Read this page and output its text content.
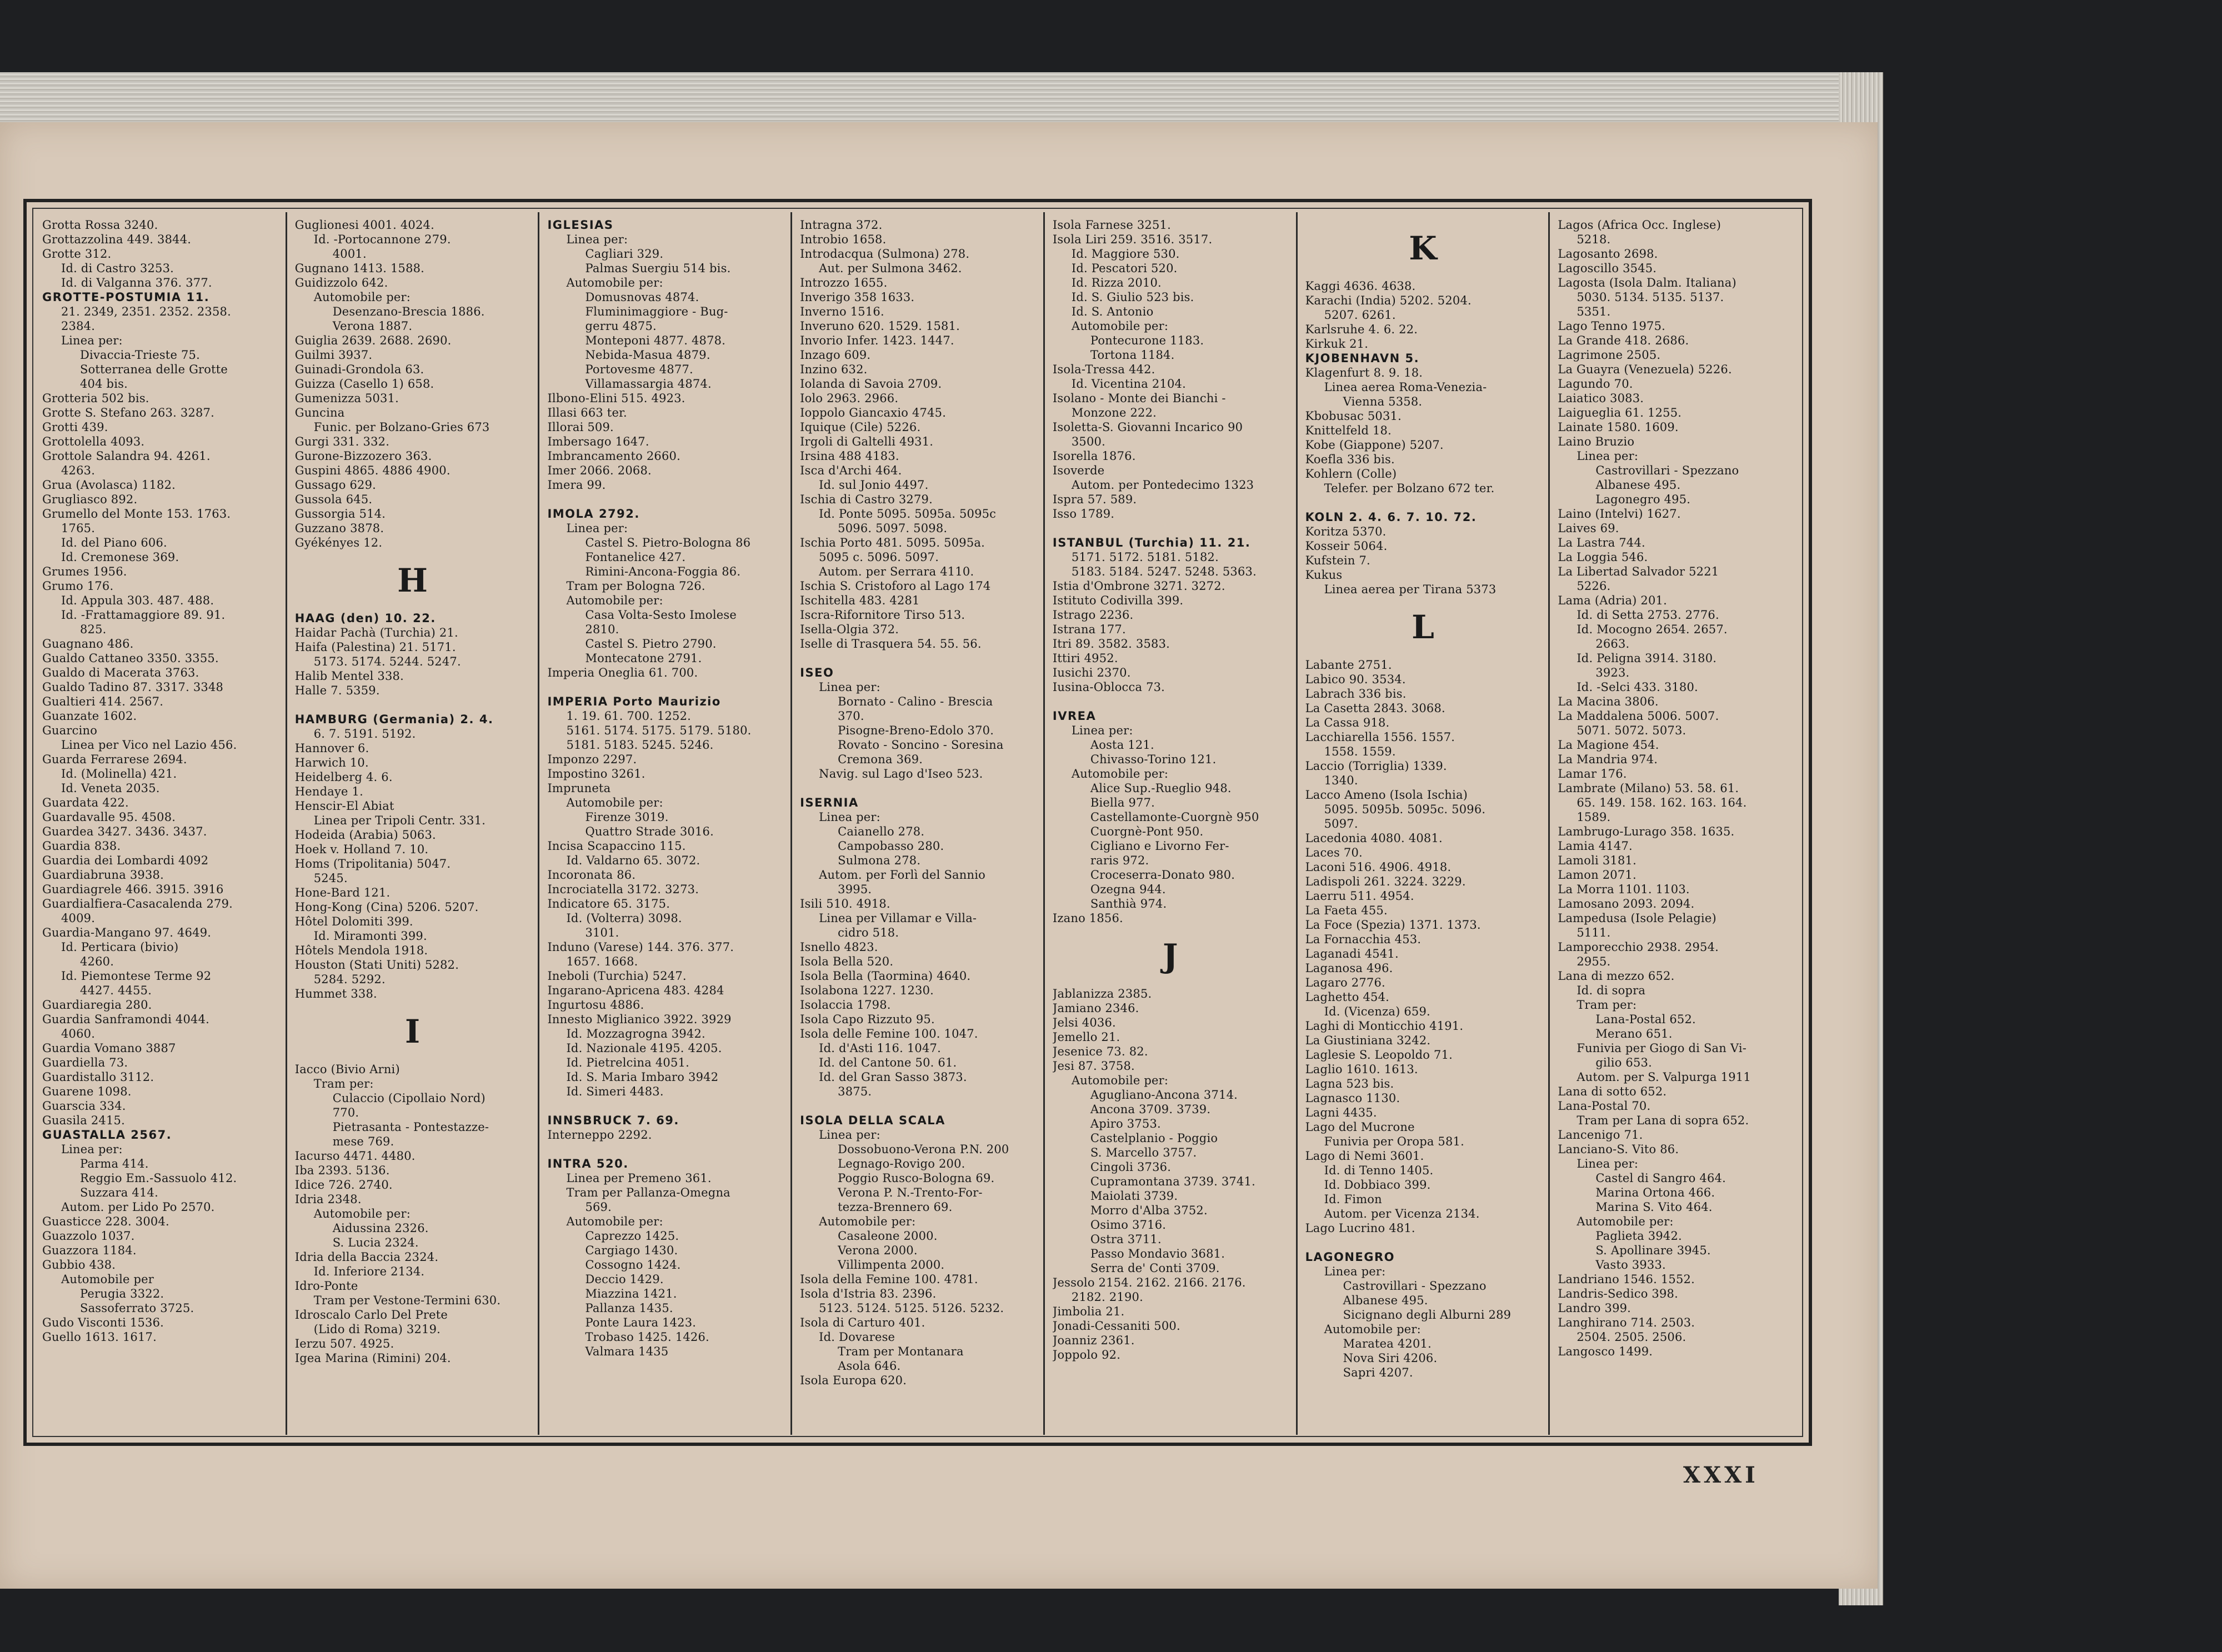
Grotta Rossa 3240.
Grottazzolina 449. 3844.
Grotte 312.
Id. di Castro 3253.
Id. di Valganna 376. 377.
GROTTE-POSTUMIA 11.
21. 2349, 2351. 2352. 2358.
2384.
Linea per:
Divaccia-Trieste 75.
Sotterranea delle Grotte
404 bis.
Grotteria 502 bis.
Grotte S. Stefano 263. 3287.
Grotti 439.
Grottolella 4093.
Grottole Salandra 94. 4261.
4263.
Grua (Avolasca) 1182.
Grugliasco 892.
Grumello del Monte 153. 1763.
1765.
Id. del Piano 606.
Id. Cremonese 369.
Grumes 1956.
Grumo 176.
Id. Appula 303. 487. 488.
Id. -Frattamaggiore 89. 91.
825.
Guagnano 486.
Gualdo Cattaneo 3350. 3355.
Gualdo di Macerata 3763.
Gualdo Tadino 87. 3317. 3348
Gualtieri 414. 2567.
Guanzate 1602.
Guarcino
Linea per Vico nel Lazio 456.
Guarda Ferrarese 2694.
Id. (Molinella) 421.
Id. Veneta 2035.
Guardata 422.
Guardavalle 95. 4508.
Guardea 3427. 3436. 3437.
Guardia 838.
Guardia dei Lombardi 4092
Guardiabruna 3938.
Guardiagrele 466. 3915. 3916
Guardialfiera-Casacalenda 279.
4009.
Guardia-Mangano 97. 4649.
Id. Perticara (bivio)
4260.
Id. Piemontese Terme 92
4427. 4455.
Guardiaregia 280.
Guardia Sanframondi 4044.
4060.
Guardia Vomano 3887
Guardiella 73.
Guardistallo 3112.
Guarene 1098.
Guarscia 334.
Guasila 2415.
GUASTALLA 2567.
Linea per:
Parma 414.
Reggio Em.-Sassuolo 412.
Suzzara 414.
Autom. per Lido Po 2570.
Guasticce 228. 3004.
Guazzolo 1037.
Guazzora 1184.
Gubbio 438.
Automobile per
Perugia 3322.
Sassoferrato 3725.
Gudo Visconti 1536.
Guello 1613. 1617.
Guglionesi 4001. 4024.
Id. -Portocannone 279.
4001.
Gugnano 1413. 1588.
Guidizzolo 642.
Automobile per:
Desenzano-Brescia 1886.
Verona 1887.
Guiglia 2639. 2688. 2690.
Guilmi 3937.
Guinadi-Grondola 63.
Guizza (Casello 1) 658.
Gumenizza 5031.
Guncina
Funic. per Bolzano-Gries 673
Gurgi 331. 332.
Gurone-Bizzozero 363.
Guspini 4865. 4886 4900.
Gussago 629.
Gussola 645.
Gussorgia 514.
Guzzano 3878.
Gyékényes 12.
H
HAAG (den) 10. 22.
Haidar Pachà (Turchia) 21.
Haifa (Palestina) 21. 5171.
5173. 5174. 5244. 5247.
Halib Mentel 338.
Halle 7. 5359.

HAMBURG (Germania) 2. 4.
6. 7. 5191. 5192.
Hannover 6.
Harwich 10.
Heidelberg 4. 6.
Hendaye 1.
Henscir-El Abiat
Linea per Tripoli Centr. 331.
Hodeida (Arabia) 5063.
Hoek v. Holland 7. 10.
Homs (Tripolitania) 5047.
5245.
Hone-Bard 121.
Hong-Kong (Cina) 5206. 5207.
Hôtel Dolomiti 399.
Id. Miramonti 399.
Hôtels Mendola 1918.
Houston (Stati Uniti) 5282.
5284. 5292.
Hummet 338.
I
Iacco (Bivio Arni)
Tram per:
Culaccio (Cipollaio Nord)
770.
Pietrasanta - Pontestazze-
mese 769.
Iacurso 4471. 4480.
Iba 2393. 5136.
Idice 726. 2740.
Idria 2348.
Automobile per:
Aidussina 2326.
S. Lucia 2324.
Idria della Baccia 2324.
Id. Inferiore 2134.
Idro-Ponte
Tram per Vestone-Termini 630.
Idroscalo Carlo Del Prete
(Lido di Roma) 3219.
Ierzu 507. 4925.
Igea Marina (Rimini) 204.
IGLESIAS
Linea per:
Cagliari 329.
Palmas Suergiu 514 bis.
Automobile per:
Domusnovas 4874.
Fluminimaggiore - Bug-
gerru 4875.
Monteponi 4877. 4878.
Nebida-Masua 4879.
Portovesme 4877.
Villamassargia 4874.
Ilbono-Elini 515. 4923.
Illasi 663 ter.
Illorai 509.
Imbersago 1647.
Imbrancamento 2660.
Imer 2066. 2068.
Imera 99.

IMOLA 2792.
Linea per:
Castel S. Pietro-Bologna 86
Fontanelice 427.
Rimini-Ancona-Foggia 86.
Tram per Bologna 726.
Automobile per:
Casa Volta-Sesto Imolese
2810.
Castel S. Pietro 2790.
Montecatone 2791.
Imperia Oneglia 61. 700.

IMPERIA Porto Maurizio
1. 19. 61. 700. 1252.
5161. 5174. 5175. 5179. 5180.
5181. 5183. 5245. 5246.
Imponzo 2297.
Impostino 3261.
Impruneta
Automobile per:
Firenze 3019.
Quattro Strade 3016.
Incisa Scapaccino 115.
Id. Valdarno 65. 3072.
Incoronata 86.
Incrociatella 3172. 3273.
Indicatore 65. 3175.
Id. (Volterra) 3098.
3101.
Induno (Varese) 144. 376. 377.
1657. 1668.
Ineboli (Turchia) 5247.
Ingarano-Apricena 483. 4284
Ingurtosu 4886.
Innesto Miglianico 3922. 3929
Id. Mozzagrogna 3942.
Id. Nazionale 4195. 4205.
Id. Pietrelcina 4051.
Id. S. Maria Imbaro 3942
Id. Simeri 4483.

INNSBRUCK 7. 69.
Interneppo 2292.

INTRA 520.
Linea per Premeno 361.
Tram per Pallanza-Omegna
569.
Automobile per:
Caprezzo 1425.
Cargiago 1430.
Cossogno 1424.
Deccio 1429.
Miazzina 1421.
Pallanza 1435.
Ponte Laura 1423.
Trobaso 1425. 1426.
Valmara 1435
Intragna 372.
Introbio 1658.
Introdacqua (Sulmona) 278.
Aut. per Sulmona 3462.
Introzzo 1655.
Inverigo 358 1633.
Inverno 1516.
Inveruno 620. 1529. 1581.
Invorio Infer. 1423. 1447.
Inzago 609.
Inzino 632.
Iolanda di Savoia 2709.
Iolo 2963. 2966.
Ioppolo Giancaxio 4745.
Iquique (Cile) 5226.
Irgoli di Galtelli 4931.
Irsina 488 4183.
Isca d'Archi 464.
Id. sul Jonio 4497.
Ischia di Castro 3279.
Id. Ponte 5095. 5095a. 5095c
5096. 5097. 5098.
Ischia Porto 481. 5095. 5095a.
5095 c. 5096. 5097.
Autom. per Serrara 4110.
Ischia S. Cristoforo al Lago 174
Ischitella 483. 4281
Iscra-Rifornitore Tirso 513.
Isella-Olgia 372.
Iselle di Trasquera 54. 55. 56.

ISEO
Linea per:
Bornato - Calino - Brescia
370.
Pisogne-Breno-Edolo 370.
Rovato - Soncino - Soresina
Cremona 369.
Navig. sul Lago d'Iseo 523.

ISERNIA
Linea per:
Caianello 278.
Campobasso 280.
Sulmona 278.
Autom. per Forlì del Sannio
3995.
Isili 510. 4918.
Linea per Villamar e Villa-
cidro 518.
Isnello 4823.
Isola Bella 520.
Isola Bella (Taormina) 4640.
Isolabona 1227. 1230.
Isolaccia 1798.
Isola Capo Rizzuto 95.
Isola delle Femine 100. 1047.
Id. d'Asti 116. 1047.
Id. del Cantone 50. 61.
Id. del Gran Sasso 3873.
3875.

ISOLA DELLA SCALA
Linea per:
Dossobuono-Verona P.N. 200
Legnago-Rovigo 200.
Poggio Rusco-Bologna 69.
Verona P. N.-Trento-For-
tezza-Brennero 69.
Automobile per:
Casaleone 2000.
Verona 2000.
Villimpenta 2000.
Isola della Femine 100. 4781.
Isola d'Istria 83. 2396.
5123. 5124. 5125. 5126. 5232.
Isola di Carturo 401.
Id. Dovarese
Tram per Montanara
Asola 646.
Isola Europa 620.
Isola Farnese 3251.
Isola Liri 259. 3516. 3517.
Id. Maggiore 530.
Id. Pescatori 520.
Id. Rizza 2010.
Id. S. Giulio 523 bis.
Id. S. Antonio
Automobile per:
Pontecurone 1183.
Tortona 1184.
Isola-Tressa 442.
Id. Vicentina 2104.
Isolano - Monte dei Bianchi -
Monzone 222.
Isoletta-S. Giovanni Incarico 90
3500.
Isorella 1876.
Isoverde
Autom. per Pontedecimo 1323
Ispra 57. 589.
Isso 1789.

ISTANBUL (Turchia) 11. 21.
5171. 5172. 5181. 5182.
5183. 5184. 5247. 5248. 5363.
Istia d'Ombrone 3271. 3272.
Istituto Codivilla 399.
Istrago 2236.
Istrana 177.
Itri 89. 3582. 3583.
Ittiri 4952.
Iusichi 2370.
Iusina-Oblocca 73.

IVREA
Linea per:
Aosta 121.
Chivasso-Torino 121.
Automobile per:
Alice Sup.-Rueglio 948.
Biella 977.
Castellamonte-Cuorgnè 950
Cuorgnè-Pont 950.
Cigliano e Livorno Fer-
raris 972.
Croceserra-Donato 980.
Ozegna 944.
Santhià 974.
Izano 1856.
J
Jablanizza 2385.
Jamiano 2346.
Jelsi 4036.
Jemello 21.
Jesenice 73. 82.
Jesi 87. 3758.
Automobile per:
Agugliano-Ancona 3714.
Ancona 3709. 3739.
Apiro 3753.
Castelplanio - Poggio
S. Marcello 3757.
Cingoli 3736.
Cupramontana 3739. 3741.
Maiolati 3739.
Morro d'Alba 3752.
Osimo 3716.
Ostra 3711.
Passo Mondavio 3681.
Serra de' Conti 3709.
Jessolo 2154. 2162. 2166. 2176.
2182. 2190.
Jimbolia 21.
Jonadi-Cessaniti 500.
Joanniz 2361.
Joppolo 92.
K
Kaggi 4636. 4638.
Karachi (India) 5202. 5204.
5207. 6261.
Karlsruhe 4. 6. 22.
Kirkuk 21.
KJOBENHAVN 5.
Klagenfurt 8. 9. 18.
Linea aerea Roma-Venezia-
Vienna 5358.
Kbobusac 5031.
Knittelfeld 18.
Kobe (Giappone) 5207.
Koefla 336 bis.
Kohlern (Colle)
Telefer. per Bolzano 672 ter.

KOLN 2. 4. 6. 7. 10. 72.
Koritza 5370.
Kosseir 5064.
Kufstein 7.
Kukus
Linea aerea per Tirana 5373
L
Labante 2751.
Labico 90. 3534.
Labrach 336 bis.
La Casetta 2843. 3068.
La Cassa 918.
Lacchiarella 1556. 1557.
1558. 1559.
Laccio (Torriglia) 1339.
1340.
Lacco Ameno (Isola Ischia)
5095. 5095b. 5095c. 5096.
5097.
Lacedonia 4080. 4081.
Laces 70.
Laconi 516. 4906. 4918.
Ladispoli 261. 3224. 3229.
Laerru 511. 4954.
La Faeta 455.
La Foce (Spezia) 1371. 1373.
La Fornacchia 453.
Laganadi 4541.
Laganosa 496.
Lagaro 2776.
Laghetto 454.
Id. (Vicenza) 659.
Laghi di Monticchio 4191.
La Giustiniana 3242.
Laglesie S. Leopoldo 71.
Laglio 1610. 1613.
Lagna 523 bis.
Lagnasco 1130.
Lagni 4435.
Lago del Mucrone
Funivia per Oropa 581.
Lago di Nemi 3601.
Id. di Tenno 1405.
Id. Dobbiaco 399.
Id. Fimon
Autom. per Vicenza 2134.
Lago Lucrino 481.

LAGONEGRO
Linea per:
Castrovillari - Spezzano
Albanese 495.
Sicignano degli Alburni 289
Automobile per:
Maratea 4201.
Nova Siri 4206.
Sapri 4207.
Lagos (Africa Occ. Inglese)
5218.
Lagosanto 2698.
Lagoscillo 3545.
Lagosta (Isola Dalm. Italiana)
5030. 5134. 5135. 5137.
5351.
Lago Tenno 1975.
La Grande 418. 2686.
Lagrimone 2505.
La Guayra (Venezuela) 5226.
Lagundo 70.
Laiatico 3083.
Laigueglia 61. 1255.
Lainate 1580. 1609.
Laino Bruzio
Linea per:
Castrovillari - Spezzano
Albanese 495.
Lagonegro 495.
Laino (Intelvi) 1627.
Laives 69.
La Lastra 744.
La Loggia 546.
La Libertad Salvador 5221
5226.
Lama (Adria) 201.
Id. di Setta 2753. 2776.
Id. Mocogno 2654. 2657.
2663.
Id. Peligna 3914. 3180.
3923.
Id. -Selci 433. 3180.
La Macina 3806.
La Maddalena 5006. 5007.
5071. 5072. 5073.
La Magione 454.
La Mandria 974.
Lamar 176.
Lambrate (Milano) 53. 58. 61.
65. 149. 158. 162. 163. 164.
1589.
Lambrugo-Lurago 358. 1635.
Lamia 4147.
Lamoli 3181.
Lamon 2071.
La Morra 1101. 1103.
Lamosano 2093. 2094.
Lampedusa (Isole Pelagie)
5111.
Lamporecchio 2938. 2954.
2955.
Lana di mezzo 652.
Id. di sopra
Tram per:
Lana-Postal 652.
Merano 651.
Funivia per Giogo di San Vi-
gilio 653.
Autom. per S. Valpurga 1911
Lana di sotto 652.
Lana-Postal 70.
Tram per Lana di sopra 652.
Lancenigo 71.
Lanciano-S. Vito 86.
Linea per:
Castel di Sangro 464.
Marina Ortona 466.
Marina S. Vito 464.
Automobile per:
Paglieta 3942.
S. Apollinare 3945.
Vasto 3933.
Landriano 1546. 1552.
Landris-Sedico 398.
Landro 399.
Langhirano 714. 2503.
2504. 2505. 2506.
Langosco 1499.
XXXI
